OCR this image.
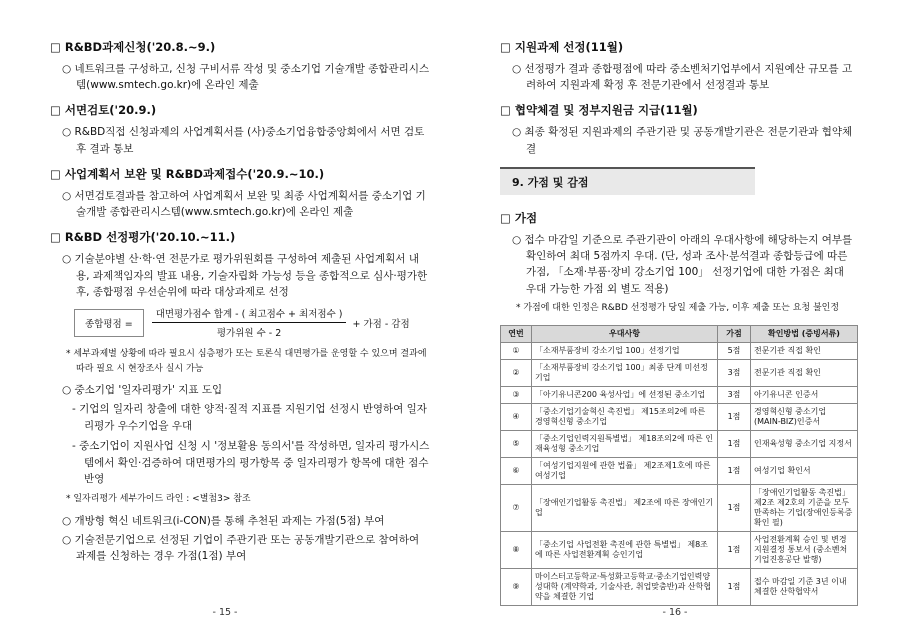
□ R&BD과제신청('20.8.~9.)
○ 네트워크를 구성하고, 신청 구비서류 작성 및 중소기업 기술개발 종합관리시스템(www.smtech.go.kr)에 온라인 제출
□ 서면검토('20.9.)
○ R&BD직접 신청과제의 사업계획서를 (사)중소기업융합중앙회에서 서면 검토 후 결과 통보
□ 사업계획서 보완 및 R&BD과제접수('20.9.~10.)
○ 서면검토결과를 참고하여 사업계획서 보완 및 최종 사업계획서를 중소기업 기술개발 종합관리시스템(www.smtech.go.kr)에 온라인 제출
□ R&BD 선정평가('20.10.~11.)
○ 기술분야별 산·학·연 전문가로 평가위원회를 구성하여 제출된 사업계획서 내용, 과제책임자의 발표 내용, 기술자립화 가능성 등을 종합적으로 심사·평가한 후, 종합평점 우선순위에 따라 대상과제로 선정
종합평점 =	$\frac{\text{대면평가점수 합계 - ( 최고점수 + 최저점수 )}}{\text{평가위원 수 - 2}}$ + 가점 - 감점
* 세부과제별 상황에 따라 필요시 심층평가 또는 토론식 대면평가를 운영할 수 있으며 결과에 따라 필요 시 현장조사 실시 가능
○ 중소기업 '일자리평가' 지표 도입
- 기업의 일자리 창출에 대한 양적·질적 지표를 지원기업 선정시 반영하여 일자리평가 우수기업을 우대
- 중소기업이 지원사업 신청 시 '정보활용 동의서'를 작성하면, 일자리 평가시스템에서 확인·검증하여 대면평가의 평가항목 중 일자리평가 항목에 대한 점수 반영
* 일자리평가 세부가이드 라인 : <별첨3> 참조
○ 개방형 혁신 네트워크(i-CON)를 통해 추천된 과제는 가점(5점) 부여
○ 기술전문기업으로 선정된 기업이 주관기관 또는 공동개발기관으로 참여하여 과제를 신청하는 경우 가점(1점) 부여
- 15 -
□ 지원과제 선정(11월)
○ 선정평가 결과 종합평점에 따라 중소벤처기업부에서 지원예산 규모를 고려하여 지원과제 확정 후 전문기관에서 선정결과 통보
□ 협약체결 및 정부지원금 지급(11월)
○ 최종 확정된 지원과제의 주관기관 및 공동개발기관은 전문기관과 협약체결
9. 가점 및 감점
□ 가점
○ 접수 마감일 기준으로 주관기관이 아래의 우대사항에 해당하는지 여부를 확인하여 최대 5점까지 우대. (단, 성과 조사·분석결과 종합등급에 따른 가점, 「소재·부품·장비 강소기업 100」 선정기업에 대한 가점은 최대 우대 가능한 가점 외 별도 적용)
* 가점에 대한 인정은 R&BD 선정평가 당일 제출 가능, 이후 제출 또는 요청 불인정
연번	우대사항	가점	확인방법 (증빙서류)
①	「소재부품장비 강소기업 100」선정기업	5점	전문기관 직접 확인
②	「소재부품장비 강소기업 100」최종 단계 미선정기업	3점	전문기관 직접 확인
③	「아기유니콘200 육성사업」에 선정된 중소기업	3점	아기유니콘 인증서
④	「중소기업기술혁신 촉진법」 제15조의2에 따른 경영혁신형 중소기업	1점	경영혁신형 중소기업 (MAIN-BIZ)인증서
⑤	「중소기업인력지원특별법」 제18조의2에 따른 인재육성형 중소기업	1점	인재육성형 중소기업 지정서
⑥	「여성기업지원에 관한 법률」 제2조제1호에 따른 여성기업	1점	여성기업 확인서
⑦	「장애인기업활동 촉진법」 제2조에 따른 장애인기업	1점	「장애인기업활동 촉진법」 제2조 제2호의 기준을 모두 만족하는 기업(장애인등록증 확인 필)
⑧	「중소기업 사업전환 촉진에 관한 특별법」 제8조에 따른 사업전환계획 승인기업	1점	사업전환계획 승인 및 변경 지원결정 통보서 (중소벤처기업진흥공단 발행)
⑨	마이스터고등학교·특성화고등학교·중소기업인력양성대학 (계약학과, 기술사관, 취업맞춤반)과 산학협약을 체결한 기업	1점	접수 마감일 기준 3년 이내 체결한 산학협약서
- 16 -
